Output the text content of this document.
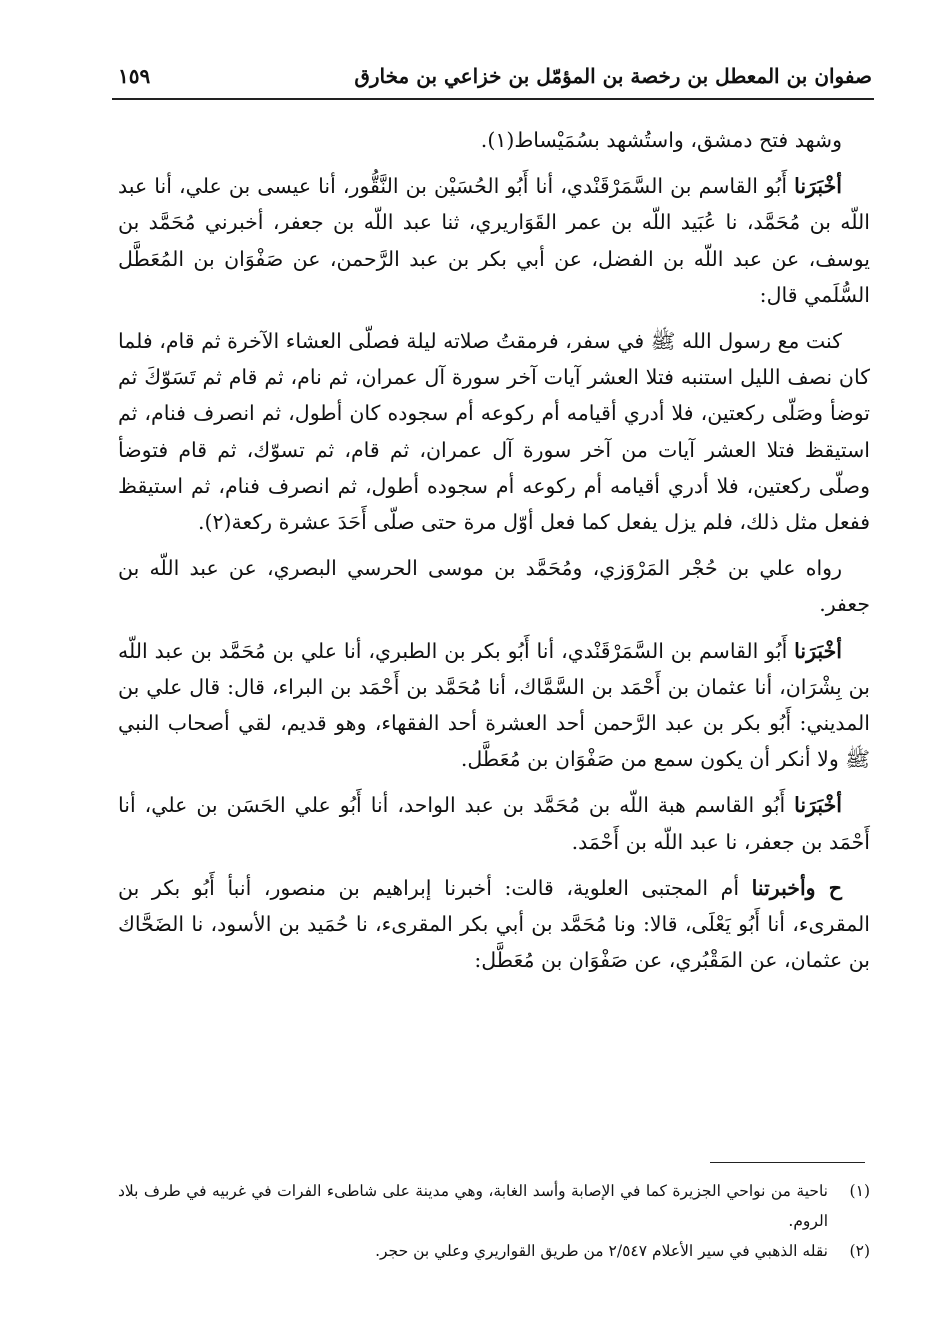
صفوان بن المعطل بن رخصة بن المؤمّل بن خزاعي بن مخارق
١٥٩

وشهد فتح دمشق، واستُشهد بسُمَيْساط(١).

أخْبَرَنا أَبُو القاسم بن السَّمَرْقَنْدي، أنا أَبُو الحُسَيْن بن النَّقُّور، أنا عيسى بن علي، أنا عبد اللّه بن مُحَمَّد، نا عُبَيد اللّه بن عمر القَوَاريري، ثنا عبد اللّه بن جعفر، أخبرني مُحَمَّد بن يوسف، عن عبد اللّه بن الفضل، عن أبي بكر بن عبد الرَّحمن، عن صَفْوَان بن المُعَطَّل السُّلَمي قال:

كنت مع رسول الله ﷺ في سفر، فرمقتُ صلاته ليلة فصلّى العشاء الآخرة ثم قام، فلما كان نصف الليل استنبه فتلا العشر آيات آخر سورة آل عمران، ثم نام، ثم قام ثم تَسَوّكَ ثم توضأ وصَلّى ركعتين، فلا أدري أقيامه أم ركوعه أم سجوده كان أطول، ثم انصرف فنام، ثم استيقظ فتلا العشر آيات من آخر سورة آل عمران، ثم قام، ثم تسوّك، ثم قام فتوضأ وصلّى ركعتين، فلا أدري أقيامه أم ركوعه أم سجوده أطول، ثم انصرف فنام، ثم استيقظ ففعل مثل ذلك، فلم يزل يفعل كما فعل أوّل مرة حتى صلّى أَحَدَ عشرة ركعة(٢).

رواه علي بن حُجْر المَرْوَزي، ومُحَمَّد بن موسى الحرسي البصري، عن عبد اللّه بن جعفر.

أخْبَرَنا أَبُو القاسم بن السَّمَرْقَنْدي، أنا أَبُو بكر بن الطبري، أنا علي بن مُحَمَّد بن عبد اللّه بن بِشْرَان، أنا عثمان بن أَحْمَد بن السَّمَّاك، أنا مُحَمَّد بن أَحْمَد بن البراء، قال: قال علي بن المديني: أَبُو بكر بن عبد الرَّحمن أحد العشرة أحد الفقهاء، وهو قديم، لقي أصحاب النبي ﷺ ولا أنكر أن يكون سمع من صَفْوَان بن مُعَطَّل.

أخْبَرَنا أَبُو القاسم هبة اللّه بن مُحَمَّد بن عبد الواحد، أنا أَبُو علي الحَسَن بن علي، أنا أَحْمَد بن جعفر، نا عبد اللّه بن أَحْمَد.

ح وأخبرتنا أم المجتبى العلوية، قالت: أخبرنا إبراهيم بن منصور، أنبأ أَبُو بكر بن المقرىء، أنا أَبُو يَعْلَى، قالا: ونا مُحَمَّد بن أبي بكر المقرىء، نا حُمَيد بن الأسود، نا الضَحَّاك بن عثمان، عن المَقْبُري، عن صَفْوَان بن مُعَطَّل:

(١)
ناحية من نواحي الجزيرة كما في الإصابة وأسد الغابة، وهي مدينة على شاطىء الفرات في غربيه في طرف بلاد الروم.
(٢)
نقله الذهبي في سير الأعلام ٢/٥٤٧ من طريق القواريري وعلي بن حجر.
